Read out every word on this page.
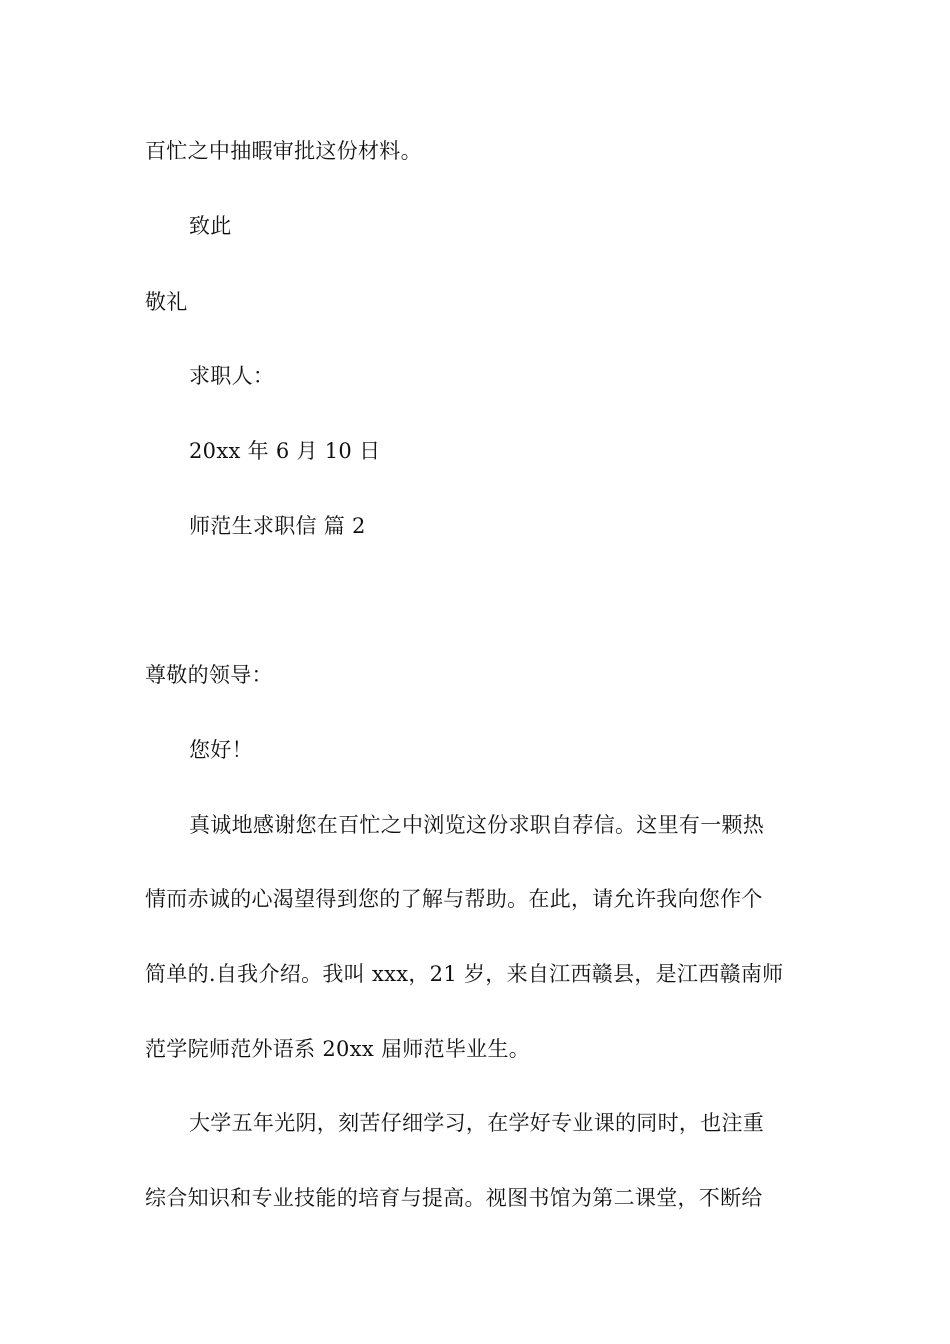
百忙之中抽暇审批这份材料。
致此
敬礼
求职人：
20xx 年 6 月 10 日
师范生求职信 篇 2
尊敬的领导：
您好！
真诚地感谢您在百忙之中浏览这份求职自荐信。这里有一颗热
情而赤诚的心渴望得到您的了解与帮助。在此，请允许我向您作个
简单的.自我介绍。我叫 xxx，21 岁，来自江西赣县，是江西赣南师
范学院师范外语系 20xx 届师范毕业生。
大学五年光阴，刻苦仔细学习，在学好专业课的同时，也注重
综合知识和专业技能的培育与提高。视图书馆为第二课堂，不断给
